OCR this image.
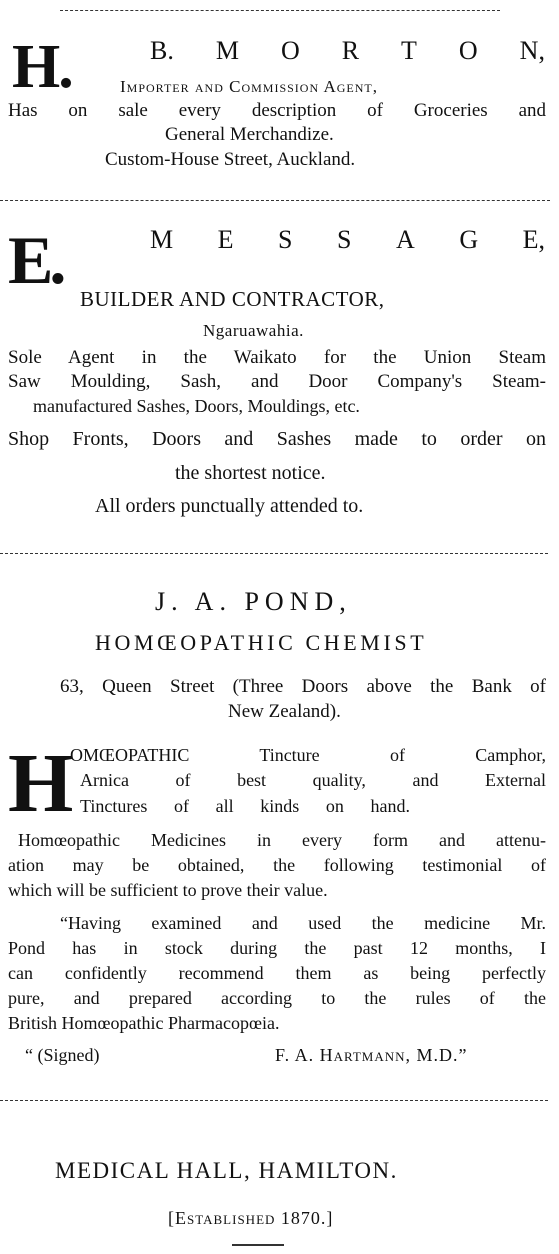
H.	B. M O R T O N,
Importer and Commission Agent,
Has on sale every description of Groceries and
General Merchandize.
Custom-House Street, Auckland.
E.	M E S S A G E,
BUILDER AND CONTRACTOR,
Ngaruawahia.
Sole Agent in the Waikato for the Union Steam
Saw Moulding, Sash, and Door Company's Steam-
manufactured Sashes, Doors, Mouldings, etc.
Shop Fronts, Doors and Sashes made to order on
the shortest notice.
All orders punctually attended to.
J. A. POND,
HOMŒOPATHIC CHEMIST
63, Queen Street (Three Doors above the Bank of
New Zealand).
H
OMŒOPATHIC Tincture of Camphor,
Arnica of best quality, and External
Tinctures of all kinds on hand.
Homœopathic Medicines in every form and attenu-
ation may be obtained, the following testimonial of
which will be sufficient to prove their value.
“Having examined and used the medicine Mr.
Pond has in stock during the past 12 months, I
can confidently recommend them as being perfectly
pure, and prepared according to the rules of the
British Homœopathic Pharmacopœia.
“ (Signed)	F. A. Hartmann, M.D.”
MEDICAL HALL, HAMILTON.
[Established 1870.]
